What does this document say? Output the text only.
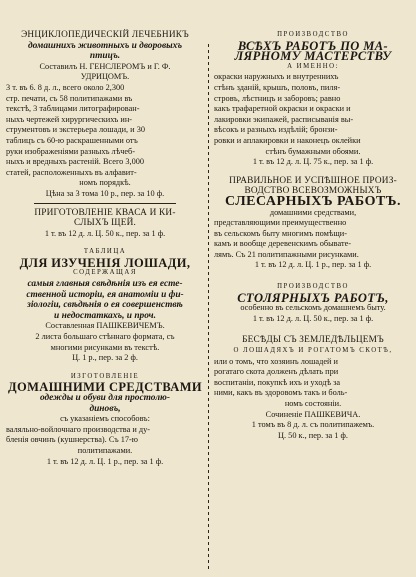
ЭНЦИКЛОПЕДИЧЕСКІЙ ЛЕЧЕБНИКЪ

домашнихъ животныхъ и дворовыхъ

птицъ.

Составилъ Н. ГЕНСЛЕРОМЪ и Г. Ф.

УДРИЦОМЪ.

3 т. въ 6. 8 д. л., всего около 2,300

стр. печати, съ 58 политипажами въ

текстѣ, 3 таблицами литографирован-

ныхъ чертежей хирургическихъ ин-

струментовъ и экстерьера лошади, и 30

таблицъ съ 60-ю раскрашенными отъ

руки изображеніями разныхъ лѣчеб-

ныхъ и вредныхъ растеній. Всего 3,000

статей, расположенныхъ въ алфавит-

номъ порядкѣ.

Цѣна за 3 тома 10 р., пер. за 10 ф.

ПРИГОТОВЛЕНІЕ КВАСА И КИ-

СЛЫХЪ ЩЕЙ.

1 т. въ 12 д. л. Ц. 50 к., пер. за 1 ф.

ТАБЛИЦА

ДЛЯ ИЗУЧЕНІЯ ЛОШАДИ,

СОДЕРЖАЩАЯ

самыя главныя свѣдѣнія изъ ея есте-

ственной исторіи, ея анатоміи и фи-

зіологіи, свѣдѣнія о ея совершенствѣ

и недостаткахъ, и проч.

Составленная ПАШКЕВИЧЕМЪ.

2 листа большаго стѣннаго формата, съ

многими рисунками въ текстѣ.

Ц. 1 р., пер. за 2 ф.

ИЗГОТОВЛЕНІЕ

ДОМАШНИМИ СРЕДСТВАМИ

одежды и обуви для простолю-

диновъ,

съ указаніемъ способовъ:

валяльно-войлочнаго производства и ду-

бленія овчинъ (кушнерства). Съ 17-ю

политипажами.

1 т. въ 12 д. л. Ц. 1 р., пер. за 1 ф.

ПРОИЗВОДСТВО

ВСѢХЪ РАБОТЪ ПО МА-

ЛЯРНОМУ МАСТЕРСТВУ

А ИМЕННО:

окраски наружныхъ и внутреннихъ

стѣнъ зданій, крышъ, половъ, пиля-

стровъ, лѣстницъ и заборовъ; равно

какъ трафаретной окраски и окраски и

лакировки экипажей, расписыванія вы-

вѣсокъ и разныхъ издѣлій; бронзи-

ровки и аплакировки и наконецъ оклейки

стѣнъ бумажными обоями.

1 т. въ 12 д. л. Ц. 75 к., пер. за 1 ф.

ПРАВИЛЬНОЕ И УСПѢШНОЕ ПРОИЗ-

ВОДСТВО ВСЕВОЗМОЖНЫХЪ

СЛЕСАРНЫХЪ РАБОТЪ.

домашними средствами,

представляющими преимущественно

въ сельскомъ быту многимъ помѣщи-

камъ и вообще деревенскимъ обывате-

лямъ. Съ 21 политипажными рисунками.

1 т. въ 12 д. л. Ц. 1 р., пер. за 1 ф.

ПРОИЗВОДСТВО

СТОЛЯРНЫХЪ РАБОТЪ,

особенно въ сельскомъ домашнемъ быту.

1 т. въ 12 д. л. Ц. 50 к., пер. за 1 ф.

БЕСѢДЫ СЪ ЗЕМЛЕДѢЛЬЦЕМЪ

О ЛОШАДЯХЪ И РОГАТОМЪ СКОТѢ,

или о томъ, что хозяинъ лошадей и

рогатаго скота долженъ дѣлать при

воспитаніи, покупкѣ ихъ и уходѣ за

ними, какъ въ здоровомъ такъ и боль-

номъ состояніи.

Сочиненіе ПАШКЕВИЧА.

1 томъ въ 8 д. л. съ политипажемъ.

Ц. 50 к., пер. за 1 ф.
